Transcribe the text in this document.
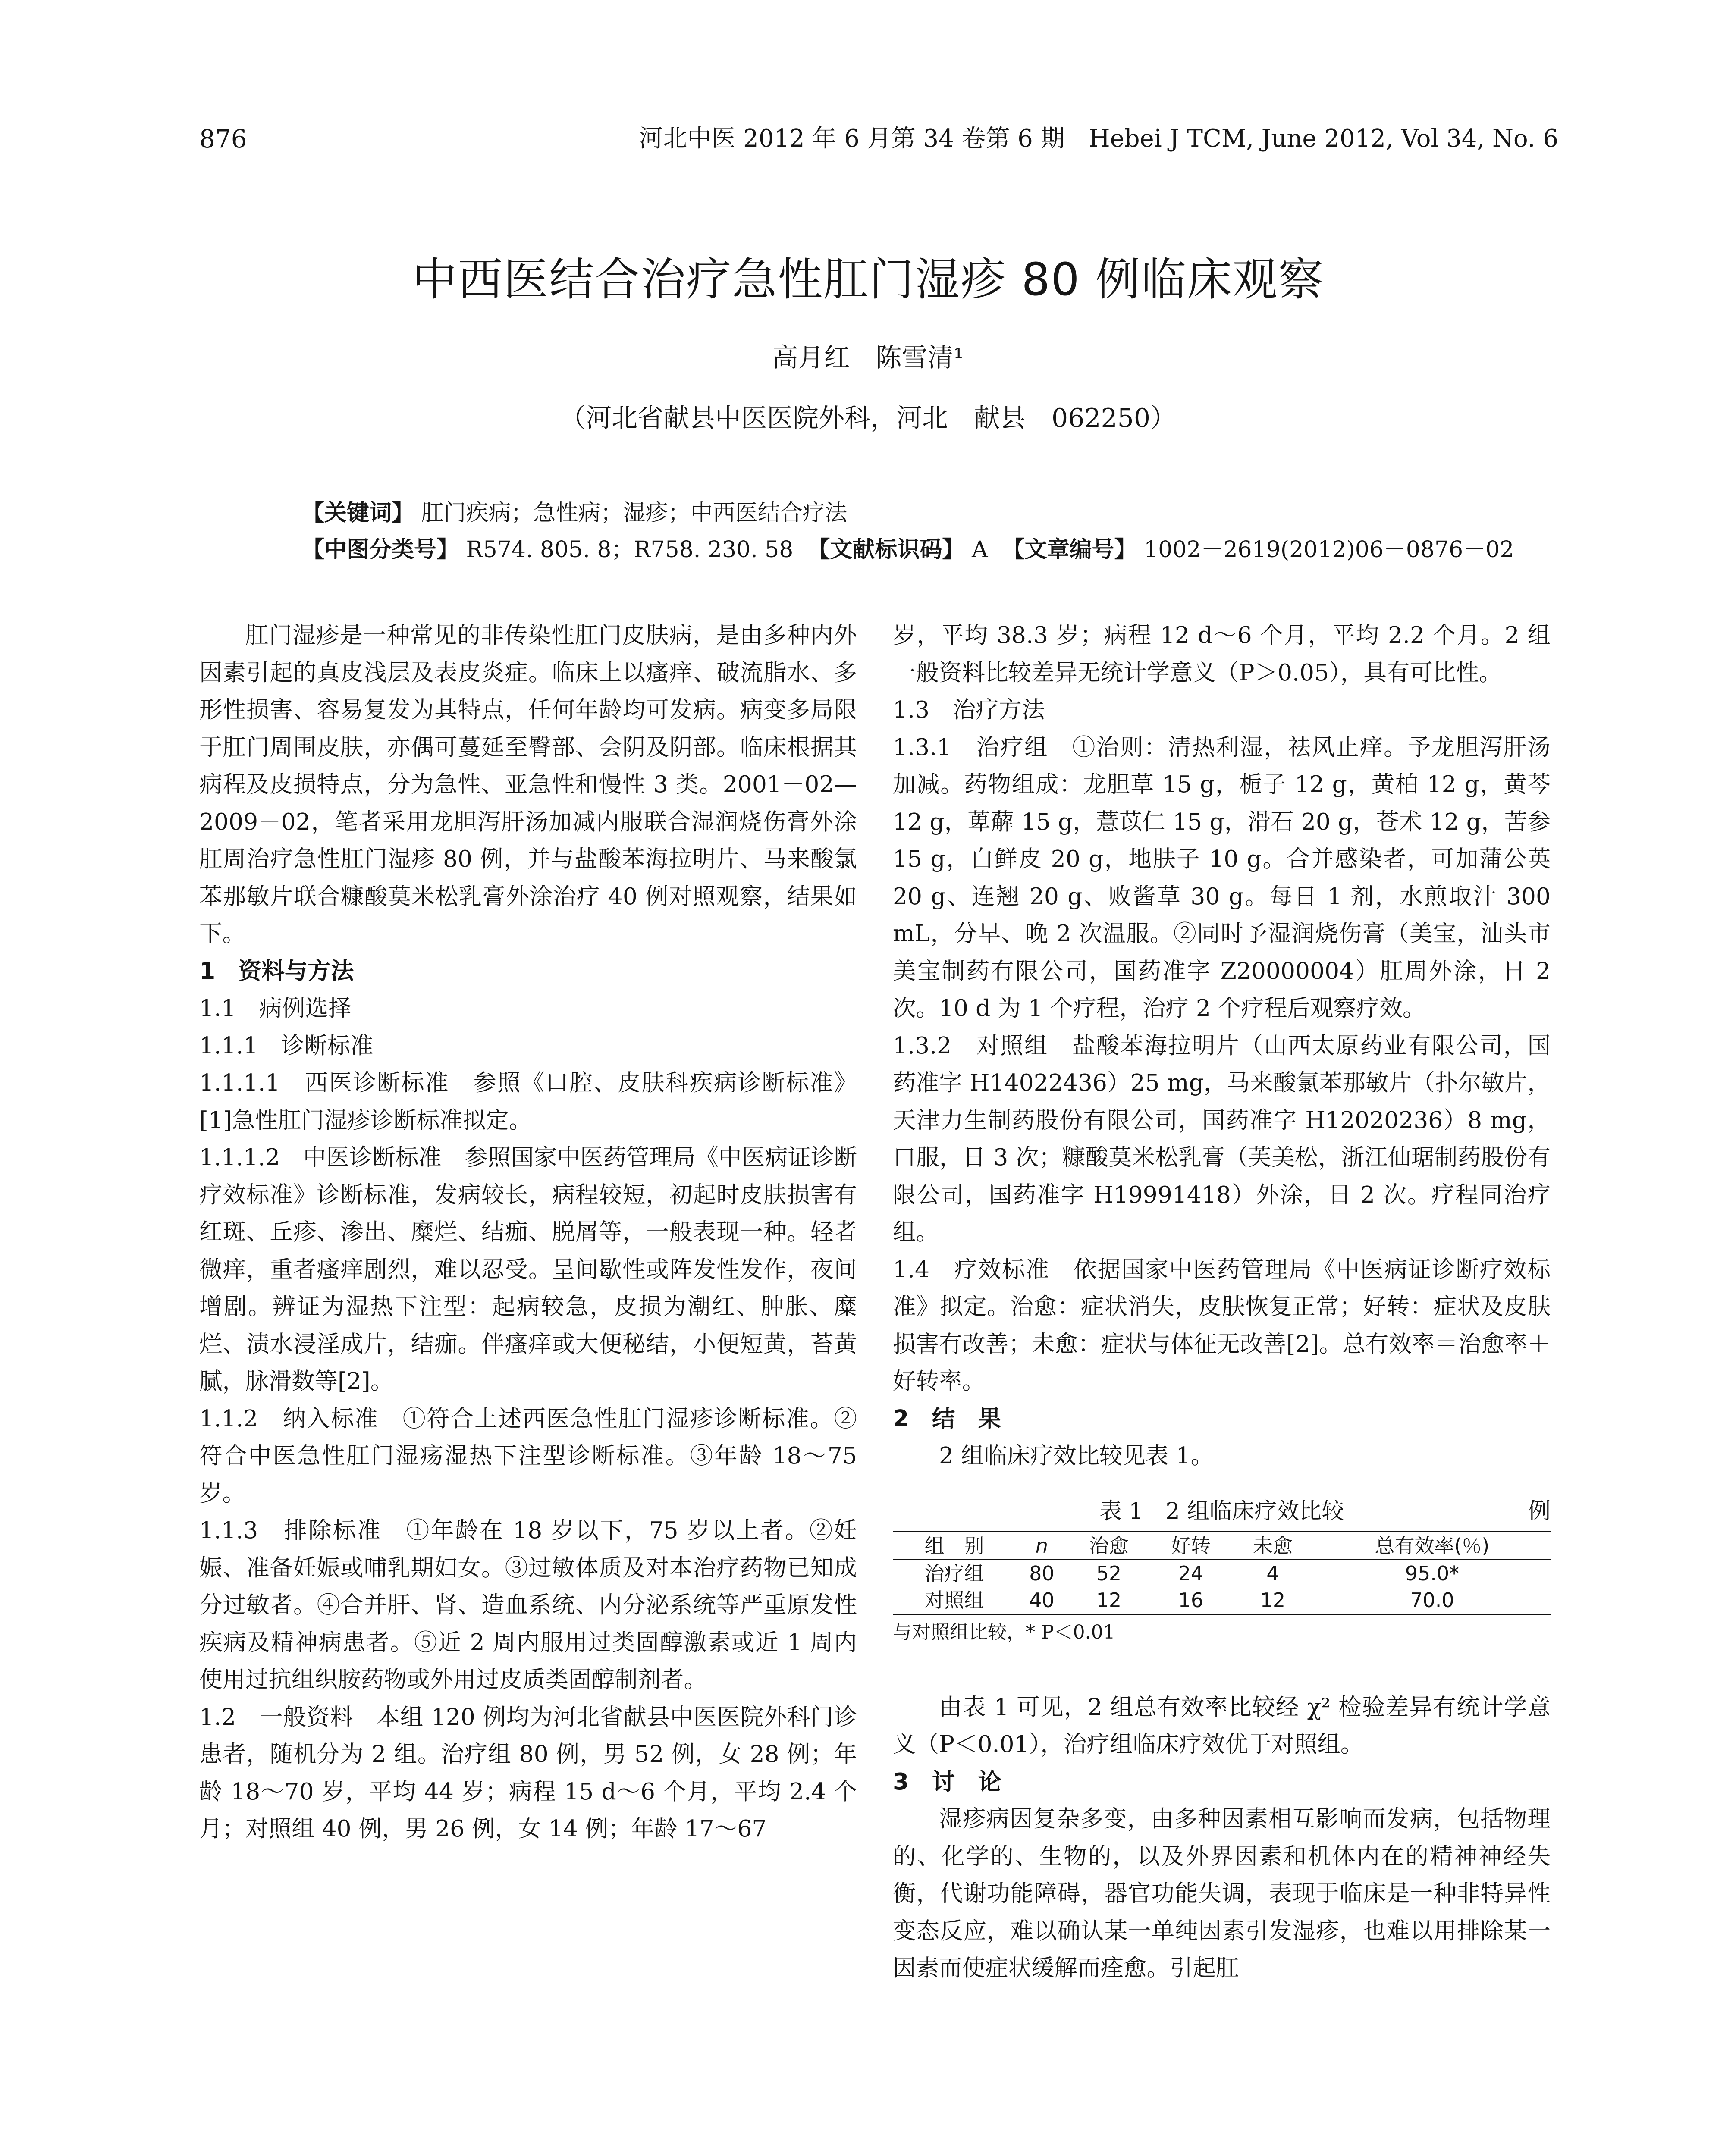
876	河北中医 2012 年 6 月第 34 卷第 6 期　Hebei J TCM, June 2012, Vol 34, No. 6
中西医结合治疗急性肛门湿疹 80 例临床观察
高月红　陈雪清¹
（河北省献县中医医院外科，河北　献县　062250）
【关键词】 肛门疾病；急性病；湿疹；中西医结合疗法
【中图分类号】 R574. 805. 8；R758. 230. 58 【文献标识码】 A 【文章编号】 1002－2619(2012)06－0876－02

肛门湿疹是一种常见的非传染性肛门皮肤病，是由多种内外因素引起的真皮浅层及表皮炎症。临床上以瘙痒、破流脂水、多形性损害、容易复发为其特点，任何年龄均可发病。病变多局限于肛门周围皮肤，亦偶可蔓延至臀部、会阴及阴部。临床根据其病程及皮损特点，分为急性、亚急性和慢性 3 类。2001－02—2009－02，笔者采用龙胆泻肝汤加减内服联合湿润烧伤膏外涂肛周治疗急性肛门湿疹 80 例，并与盐酸苯海拉明片、马来酸氯苯那敏片联合糠酸莫米松乳膏外涂治疗 40 例对照观察，结果如下。

1　资料与方法

1.1　病例选择

1.1.1　诊断标准

1.1.1.1　西医诊断标准　参照《口腔、皮肤科疾病诊断标准》[1]急性肛门湿疹诊断标准拟定。

1.1.1.2　中医诊断标准　参照国家中医药管理局《中医病证诊断疗效标准》诊断标准，发病较长，病程较短，初起时皮肤损害有红斑、丘疹、渗出、糜烂、结痂、脱屑等，一般表现一种。轻者微痒，重者瘙痒剧烈，难以忍受。呈间歇性或阵发性发作，夜间增剧。辨证为湿热下注型：起病较急，皮损为潮红、肿胀、糜烂、渍水浸淫成片，结痂。伴瘙痒或大便秘结，小便短黄，苔黄腻，脉滑数等[2]。

1.1.2　纳入标准　①符合上述西医急性肛门湿疹诊断标准。②符合中医急性肛门湿疡湿热下注型诊断标准。③年龄 18～75 岁。

1.1.3　排除标准　①年龄在 18 岁以下，75 岁以上者。②妊娠、准备妊娠或哺乳期妇女。③过敏体质及对本治疗药物已知成分过敏者。④合并肝、肾、造血系统、内分泌系统等严重原发性疾病及精神病患者。⑤近 2 周内服用过类固醇激素或近 1 周内使用过抗组织胺药物或外用过皮质类固醇制剂者。

1.2　一般资料　本组 120 例均为河北省献县中医医院外科门诊患者，随机分为 2 组。治疗组 80 例，男 52 例，女 28 例；年龄 18～70 岁，平均 44 岁；病程 15 d～6 个月，平均 2.4 个月；对照组 40 例，男 26 例，女 14 例；年龄 17～67

岁，平均 38.3 岁；病程 12 d～6 个月，平均 2.2 个月。2 组一般资料比较差异无统计学意义（P＞0.05），具有可比性。

1.3　治疗方法

1.3.1　治疗组　①治则：清热利湿，祛风止痒。予龙胆泻肝汤加减。药物组成：龙胆草 15 g，栀子 12 g，黄柏 12 g，黄芩 12 g，萆薢 15 g，薏苡仁 15 g，滑石 20 g，苍术 12 g，苦参 15 g，白鲜皮 20 g，地肤子 10 g。合并感染者，可加蒲公英 20 g、连翘 20 g、败酱草 30 g。每日 1 剂，水煎取汁 300 mL，分早、晚 2 次温服。②同时予湿润烧伤膏（美宝，汕头市美宝制药有限公司，国药准字 Z20000004）肛周外涂，日 2 次。10 d 为 1 个疗程，治疗 2 个疗程后观察疗效。

1.3.2　对照组　盐酸苯海拉明片（山西太原药业有限公司，国药准字 H14022436）25 mg，马来酸氯苯那敏片（扑尔敏片，天津力生制药股份有限公司，国药准字 H12020236）8 mg，口服，日 3 次；糠酸莫米松乳膏（芙美松，浙江仙琚制药股份有限公司，国药准字 H19991418）外涂，日 2 次。疗程同治疗组。

1.4　疗效标准　依据国家中医药管理局《中医病证诊断疗效标准》拟定。治愈：症状消失，皮肤恢复正常；好转：症状及皮肤损害有改善；未愈：症状与体征无改善[2]。总有效率＝治愈率＋好转率。

2　结　果

2 组临床疗效比较见表 1。

表 1　2 组临床疗效比较	例
组　别	n	治愈	好转	未愈	总有效率(％)
治疗组	80	52	24	4	95.0*
对照组	40	12	16	12	70.0
与对照组比较，* P＜0.01

由表 1 可见，2 组总有效率比较经 χ² 检验差异有统计学意义（P＜0.01），治疗组临床疗效优于对照组。

3　讨　论

湿疹病因复杂多变，由多种因素相互影响而发病，包括物理的、化学的、生物的，以及外界因素和机体内在的精神神经失衡，代谢功能障碍，器官功能失调，表现于临床是一种非特异性变态反应，难以确认某一单纯因素引发湿疹，也难以用排除某一因素而使症状缓解而痊愈。引起肛
